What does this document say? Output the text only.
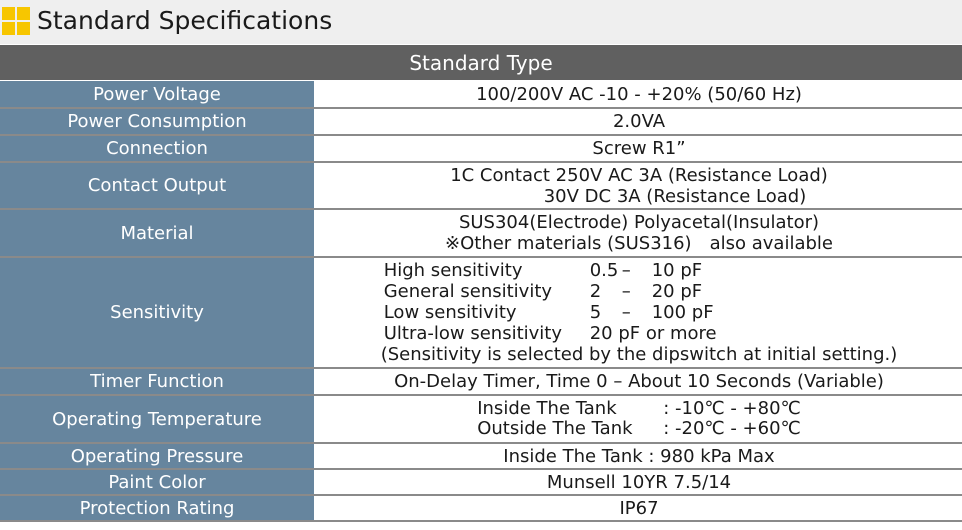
Standard Specifications
Standard Type
Power Voltage	100/200V AC -10 - +20% (50/60 Hz)
Power Consumption	2.0VA
Connection	Screw R1”
Contact Output	1C Contact 250V AC 3A (Resistance Load)
30V DC 3A (Resistance Load)

Material	SUS304(Electrode) Polyacetal(Insulator)
※Other materials (SUS316)　also available

Sensitivity	High sensitivity 0.5 – 10 pF
General sensitivity 2 – 20 pF
Low sensitivity 5 – 100 pF
Ultra-low sensitivity 20 pF or more
(Sensitivity is selected by the dipswitch at initial setting.)

Timer Function	On-Delay Timer, Time 0 – About 10 Seconds (Variable)
Operating Temperature	Inside The Tank : -10℃ - +80℃
Outside The Tank : -20℃ - +60℃

Operating Pressure	Inside The Tank : 980 kPa Max
Paint Color	Munsell 10YR 7.5/14
Protection Rating	IP67
